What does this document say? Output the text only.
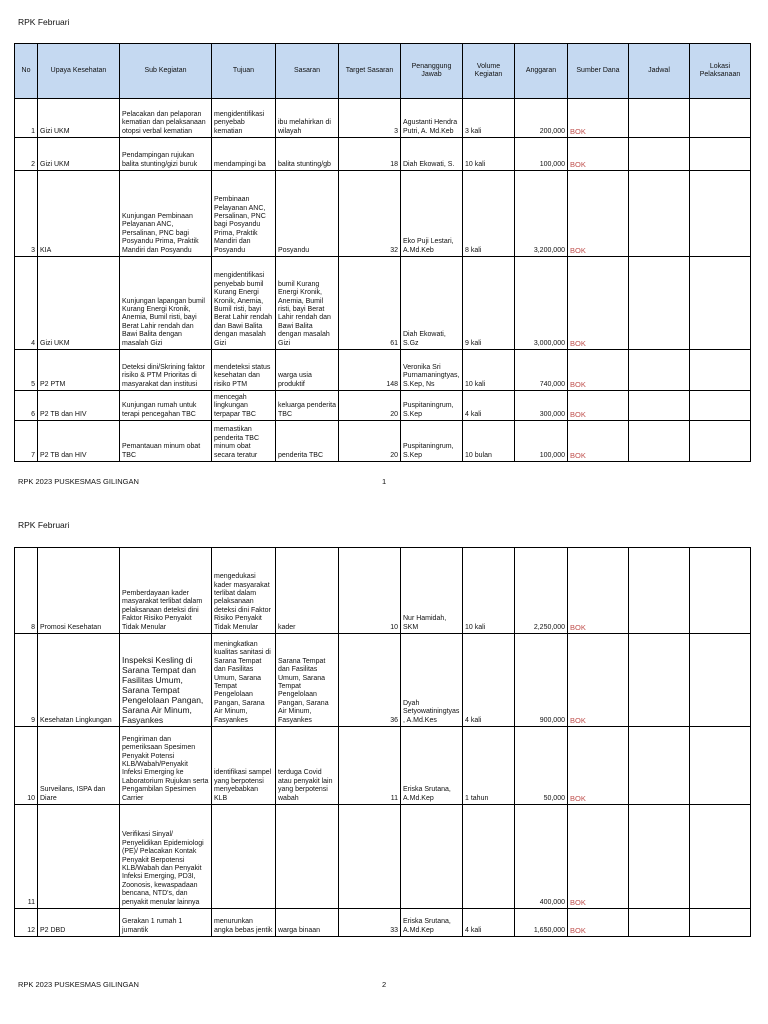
RPK Februari
No	Upaya Kesehatan	Sub Kegiatan	Tujuan	Sasaran	Target Sasaran	Penanggung Jawab	Volume Kegiatan	Anggaran	Sumber Dana	Jadwal	Lokasi Pelaksanaan
1	Gizi UKM	Pelacakan dan pelaporan kematian dan pelaksanaan otopsi verbal kematian	mengidentifikasi penyebab kematian	ibu melahirkan di wilayah	3	Agustanti Hendra Putri, A. Md.Keb	3 kali	200,000	BOK		
2	Gizi UKM	Pendampingan rujukan balita stunting/gizi buruk	mendampingi ba	balita stunting/gb	18	Diah Ekowati, S.	10 kali	100,000	BOK		
3	KIA	Kunjungan Pembinaan Pelayanan ANC, Persalinan, PNC bagi Posyandu Prima, Praktik Mandiri dan Posyandu	Pembinaan Pelayanan ANC, Persalinan, PNC bagi Posyandu Prima, Praktik Mandiri dan Posyandu	Posyandu	32	Eko Puji Lestari, A.Md.Keb	8 kali	3,200,000	BOK		
4	Gizi UKM	Kunjungan lapangan bumil Kurang Energi Kronik, Anemia, Bumil risti, bayi Berat Lahir rendah dan Bawi Balita dengan masalah Gizi	mengidentifikasi penyebab bumil Kurang Energi Kronik, Anemia, Bumil risti, bayi Berat Lahir rendah dan Bawi Balita dengan masalah Gizi	bumil Kurang Energi Kronik, Anemia, Bumil risti, bayi Berat Lahir rendah dan Bawi Balita dengan masalah Gizi	61	Diah Ekowati, S.Gz	9 kali	3,000,000	BOK		
5	P2 PTM	Deteksi dini/Skrining faktor risiko & PTM Prioritas di masyarakat dan institusi	mendeteksi status kesehatan dan risiko PTM	warga usia produktif	148	Veronika Sri Purnamaningtyas,S.Kep, Ns	10 kali	740,000	BOK		
6	P2 TB dan HIV	Kunjungan rumah untuk terapi pencegahan TBC	mencegah lingkungan terpapar TBC	keluarga penderita TBC	20	Puspitaningrum, S.Kep	4 kali	300,000	BOK		
7	P2 TB dan HIV	Pemantauan minum obat TBC	memastikan penderita TBC minum obat secara teratur	penderita TBC	20	Puspitaningrum, S.Kep	10 bulan	100,000	BOK		
RPK 2023 PUSKESMAS GILINGAN	1
RPK Februari
8	Promosi Kesehatan	Pemberdayaan kader masyarakat terlibat dalam pelaksanaan deteksi dini Faktor Risiko Penyakit Tidak Menular	mengedukasi kader masyarakat terlibat dalam pelaksanaan deteksi dini Faktor Risiko Penyakit Tidak Menular	kader	10	Nur Hamidah, SKM	10 kali	2,250,000	BOK		
9	Kesehatan Lingkungan	Inspeksi Kesling di Sarana Tempat dan Fasilitas Umum, Sarana Tempat Pengelolaan Pangan, Sarana Air Minum, Fasyankes	meningkatkan kualitas sanitasi di Sarana Tempat dan Fasilitas Umum, Sarana Tempat Pengelolaan Pangan, Sarana Air Minum, Fasyankes	Sarana Tempat dan Fasilitas Umum, Sarana Tempat Pengelolaan Pangan, Sarana Air Minum, Fasyankes	36	Dyah Setyowatiningtyas, A.Md.Kes	4 kali	900,000	BOK		
10	Surveilans, ISPA dan Diare	Pengiriman dan pemeriksaan Spesimen Penyakit Potensi KLB/Wabah/Penyakit Infeksi Emerging ke Laboratorium Rujukan serta Pengambilan Spesimen Carrier	identifikasi sampel yang berpotensi menyebabkan KLB	terduga Covid atau penyakit lain yang berpotensi wabah	11	Eriska Srutana, A.Md.Kep	1 tahun	50,000	BOK		
11		Verifikasi Sinyal/ Penyelidikan Epidemiologi (PE)/ Pelacakan Kontak Penyakit Berpotensi KLB/Wabah dan Penyakit Infeksi Emerging, PD3I, Zoonosis, kewaspadaan bencana, NTD's, dan penyakit menular lainnya						400,000	BOK		
12	P2 DBD	Gerakan 1 rumah 1 jumantik	menurunkan angka bebas jentik	warga binaan	33	Eriska Srutana, A.Md.Kep	4 kali	1,650,000	BOK		
RPK 2023 PUSKESMAS GILINGAN	2
